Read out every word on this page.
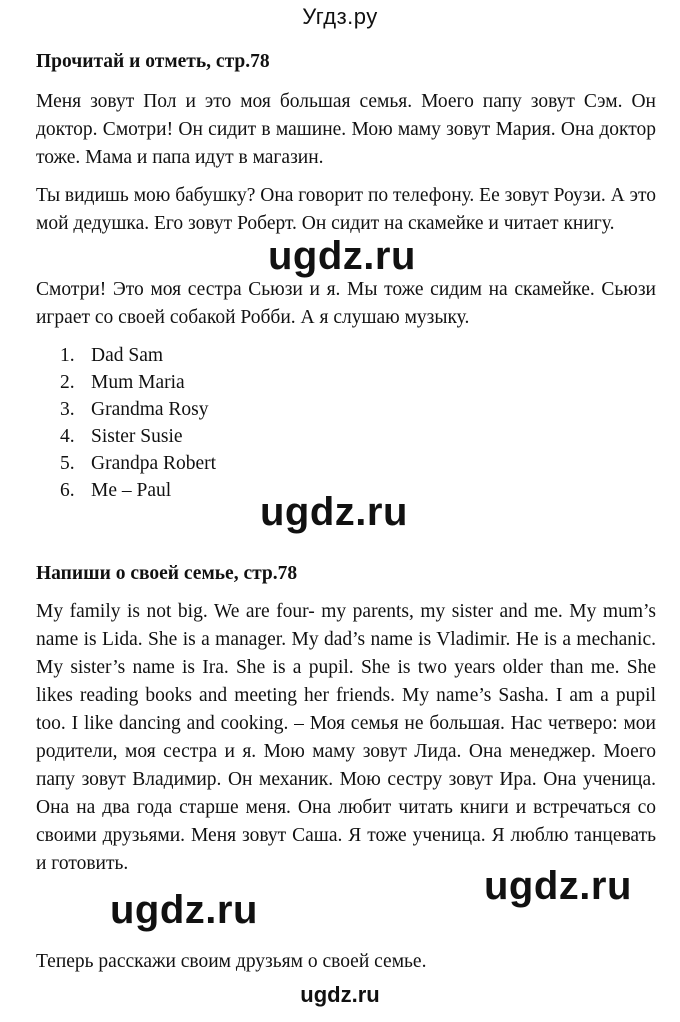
Угдз.ру
Прочитай и отметь, стр.78

Меня зовут Пол и это моя большая семья. Моего папу зовут Сэм. Он доктор. Смотри! Он сидит в машине. Мою маму зовут Мария. Она доктор тоже. Мама и папа идут в магазин.

Ты видишь мою бабушку? Она говорит по телефону. Ее зовут Роузи. А это мой дедушка. Его зовут Роберт. Он сидит на скамейке и читает книгу.

Смотри! Это моя сестра Сьюзи и я. Мы тоже сидим на скамейке. Сьюзи играет со своей собакой Робби. А я слушаю музыку.

1. Dad Sam
2. Mum Maria
3. Grandma Rosy
4. Sister Susie
5. Grandpa Robert
6. Me – Paul
Напиши о своей семье, стр.78

My family is not big. We are four- my parents, my sister and me. My mum’s name is Lida. She is a manager. My dad’s name is Vladimir. He is a mechanic. My sister’s name is Ira. She is a pupil. She is two years older than me. She likes reading books and meeting her friends. My name’s Sasha. I am a pupil too. I like dancing and cooking. – Моя семья не большая. Нас четверо: мои родители, моя сестра и я. Мою маму зовут Лида. Она менеджер. Моего папу зовут Владимир. Он механик. Мою сестру зовут Ира. Она ученица. Она на два года старше меня. Она любит читать книги и встречаться со своими друзьями. Меня зовут Саша. Я тоже ученица. Я люблю танцевать и готовить.

Теперь расскажи своим друзьям о своей семье.

ugdz.ru
ugdz.ru
ugdz.ru
ugdz.ru
ugdz.ru
